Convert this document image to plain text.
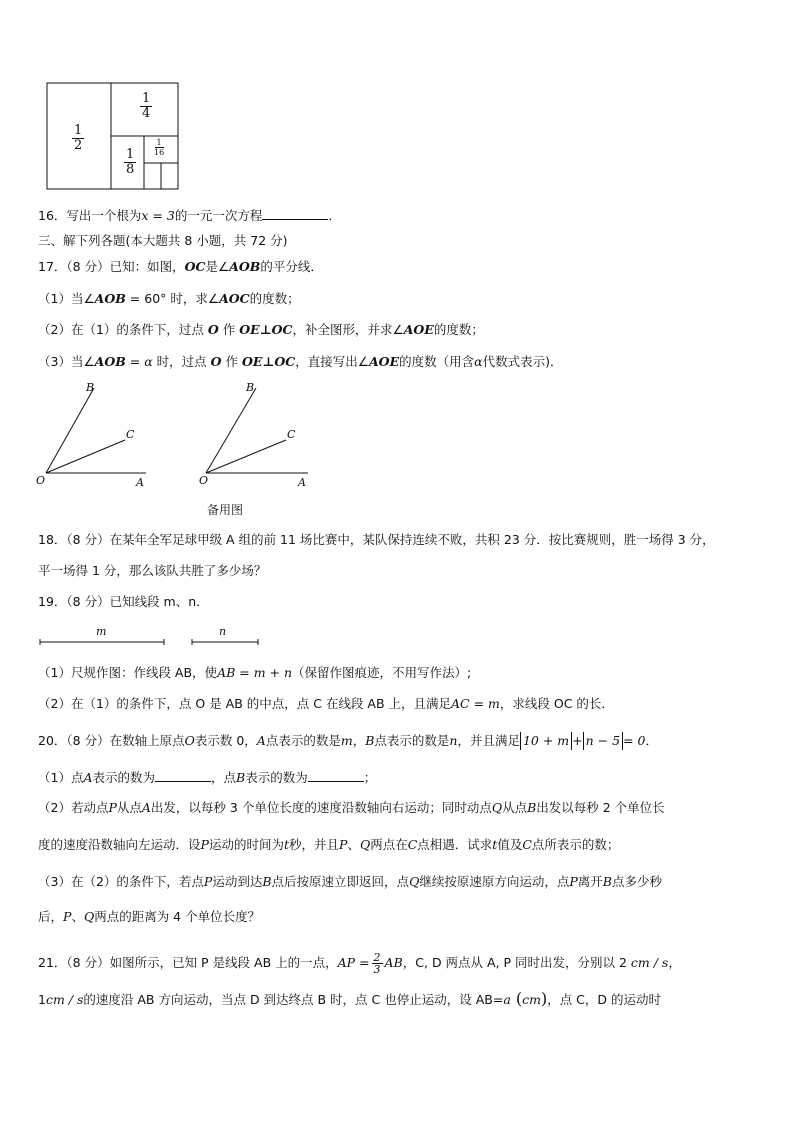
$\frac{1}{2}$
$\frac{1}{4}$
$\frac{1}{8}$
$\frac{1}{16}$
16．写出一个根为x = 3的一元一次方程	．
三、解下列各题(本大题共 8 小题，共 72 分)
17．（8 分）已知：如图，OC是∠AOB的平分线．
（1）当∠AOB = 60° 时，求∠AOC的度数；
（2）在（1）的条件下，过点 O 作 OE⊥OC，补全图形，并求∠AOE的度数；
（3）当∠AOB = α 时，过点 O 作 OE⊥OC，直接写出∠AOE的度数（用含α代数式表示)．
B
C
O	A
B
C
O	A
备用图
18．（8 分）在某年全军足球甲级 A 组的前 11 场比赛中，某队保持连续不败，共积 23 分．按比赛规则，胜一场得 3 分，
平一场得 1 分，那么该队共胜了多少场？
19．（8 分）已知线段 m、n．
m	n
（1）尺规作图：作线段 AB，使AB = m + n（保留作图痕迹，不用写作法）;
（2）在（1）的条件下，点 O 是 AB 的中点，点 C 在线段 AB 上，且满足AC = m，求线段 OC 的长．
20．（8 分）在数轴上原点O表示数 0，A点表示的数是m，B点表示的数是n，并且满足 10 + m + n − 5 = 0．
（1）点A表示的数为	，点B表示的数为	；
（2）若动点P从点A出发，以每秒 3 个单位长度的速度沿数轴向右运动；同时动点Q从点B出发以每秒 2 个单位长
度的速度沿数轴向左运动．设P运动的时间为t秒，并且P、Q两点在C点相遇．试求t值及C点所表示的数；
（3）在（2）的条件下，若点P运动到达B点后按原速立即返回，点Q继续按原速原方向运动，点P离开B点多少秒
后，P、Q两点的距离为 4 个单位长度？
21．（8 分）如图所示，已知 P 是线段 AB 上的一点，AP = $\frac{2}{3}$ AB，C, D 两点从 A, P 同时出发，分别以 2 cm / s，
1cm / s的速度沿 AB 方向运动，当点 D 到达终点 B 时，点 C 也停止运动，设 AB=a (cm)，点 C，D 的运动时
